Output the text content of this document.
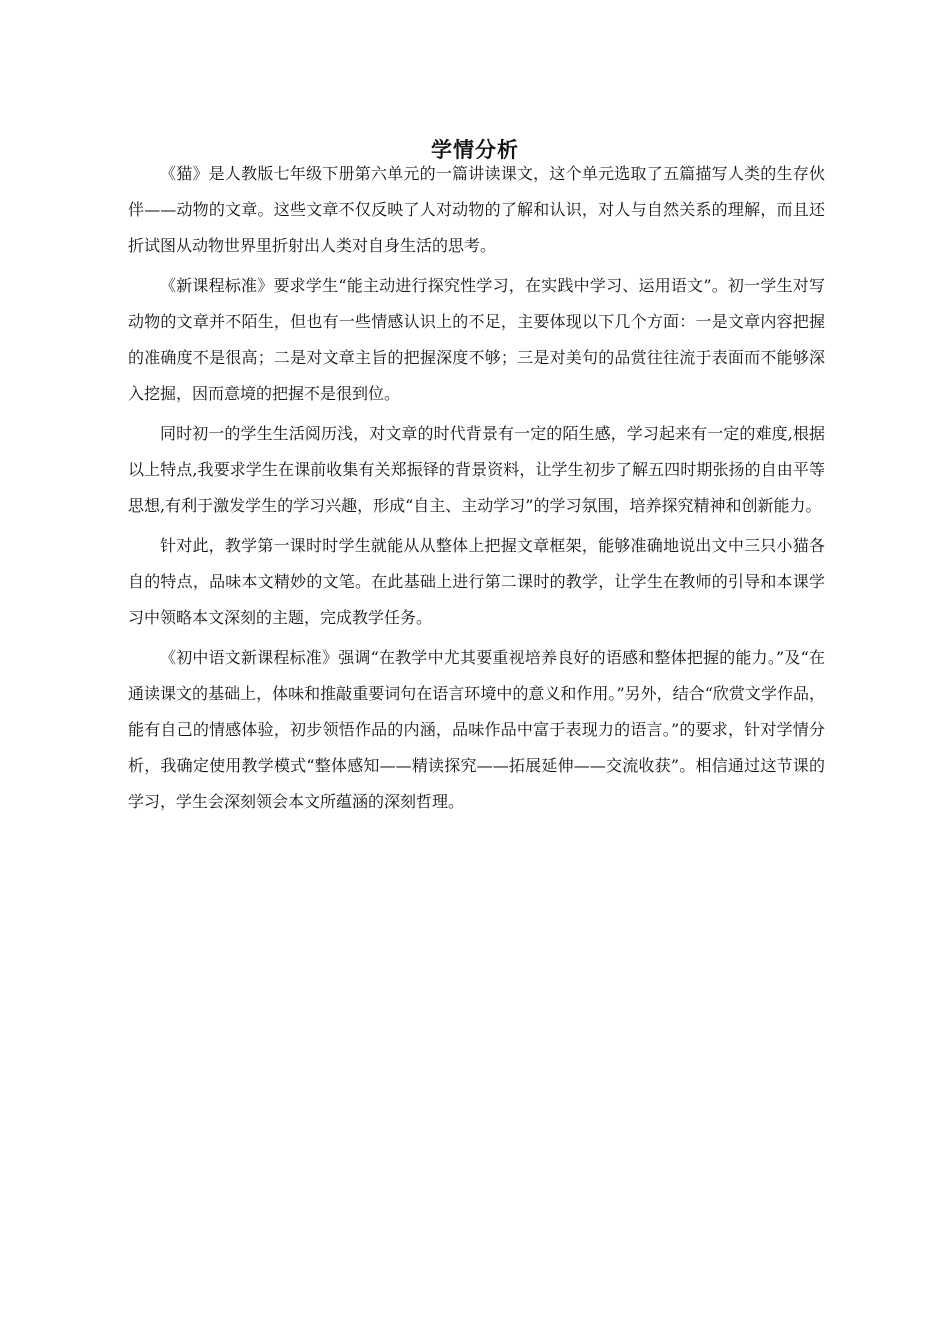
学情分析

《猫》是人教版七年级下册第六单元的一篇讲读课文，这个单元选取了五篇描写人类的生存伙伴——动物的文章。这些文章不仅反映了人对动物的了解和认识，对人与自然关系的理解，而且还折试图从动物世界里折射出人类对自身生活的思考。

《新课程标准》要求学生“能主动进行探究性学习，在实践中学习、运用语文”。初一学生对写动物的文章并不陌生，但也有一些情感认识上的不足，主要体现以下几个方面：一是文章内容把握的准确度不是很高；二是对文章主旨的把握深度不够；三是对美句的品赏往往流于表面而不能够深入挖掘，因而意境的把握不是很到位。

同时初一的学生生活阅历浅，对文章的时代背景有一定的陌生感，学习起来有一定的难度,根据以上特点,我要求学生在课前收集有关郑振铎的背景资料，让学生初步了解五四时期张扬的自由平等思想,有利于激发学生的学习兴趣，形成“自主、主动学习”的学习氛围，培养探究精神和创新能力。

针对此，教学第一课时时学生就能从从整体上把握文章框架，能够准确地说出文中三只小猫各自的特点，品味本文精妙的文笔。在此基础上进行第二课时的教学，让学生在教师的引导和本课学习中领略本文深刻的主题，完成教学任务。

《初中语文新课程标准》强调“在教学中尤其要重视培养良好的语感和整体把握的能力。”及“在通读课文的基础上，体味和推敲重要词句在语言环境中的意义和作用。”另外，结合“欣赏文学作品，能有自己的情感体验，初步领悟作品的内涵，品味作品中富于表现力的语言。”的要求，针对学情分析，我确定使用教学模式“整体感知——精读探究——拓展延伸——交流收获”。相信通过这节课的学习，学生会深刻领会本文所蕴涵的深刻哲理。
